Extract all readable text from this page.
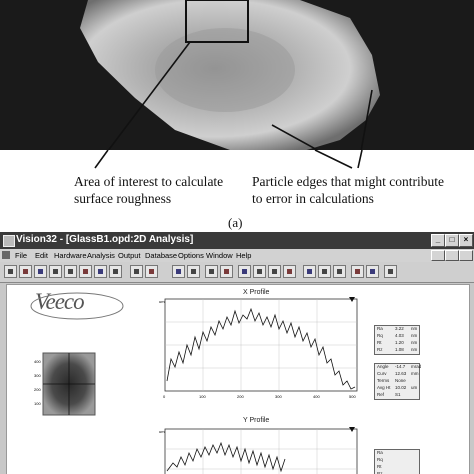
Area of interest to calculate
surface roughness
Particle edges that might contribute
to error in calculations
(a)
Vision32 - [GlassB1.opd:2D Analysis]	_	□	×
File Edit Hardware Analysis Output Database Options Window Help
Veeco	X Profile
Y Profile
400
300
200
100
um
0	100	200	300	400	500
um
Ra	3.22 nm
Rq	4.03 nm
Rt	1.20 nm
Rz	1.08 nm
Angle -14.7 mrad
Curv 12.63 mm
Terms None
Avg Ht 10.02 um
Ref S1
Ra
Rq
Rt
Rz
